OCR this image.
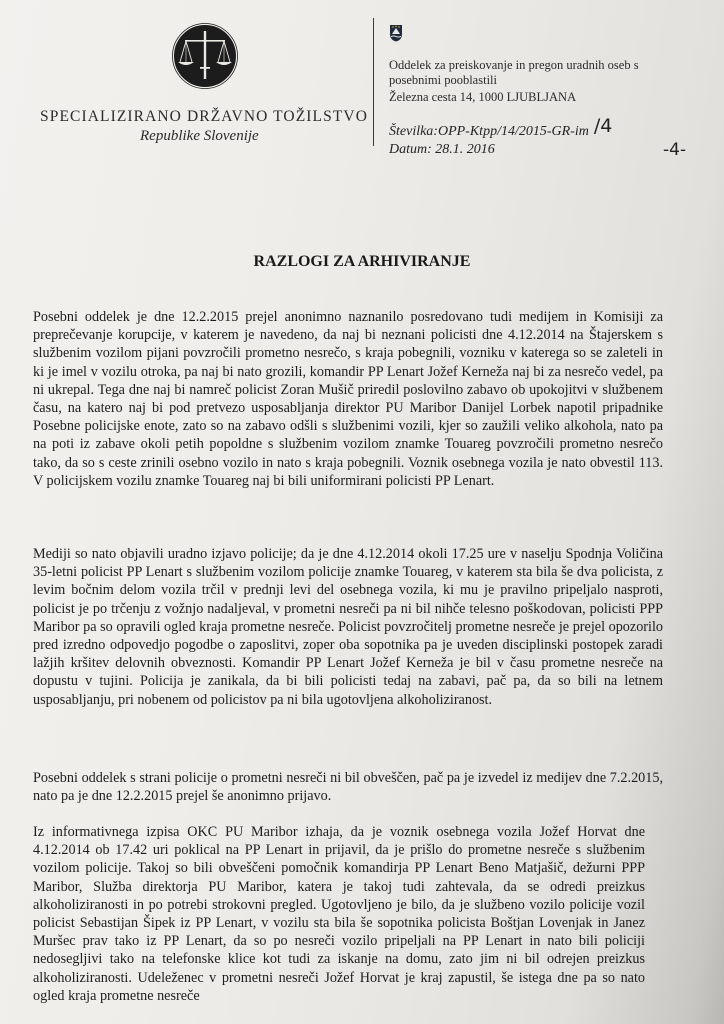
SPECIALIZIRANO DRŽAVNO TOŽILSTVO
Republike Slovenije
Oddelek za preiskovanje in pregon uradnih oseb s posebnimi pooblastili
Železna cesta 14, 1000 LJUBLJANA
Številka:OPP-Ktpp/14/2015-GR-im /4
Datum: 28.1. 2016	-4-
RAZLOGI ZA ARHIVIRANJE

Posebni oddelek je dne 12.2.2015 prejel anonimno naznanilo posredovano tudi medijem in Komisiji za preprečevanje korupcije, v katerem je navedeno, da naj bi neznani policisti dne 4.12.2014 na Štajerskem s službenim vozilom pijani povzročili prometno nesrečo, s kraja pobegnili, vozniku v katerega so se zaleteli in ki je imel v vozilu otroka, pa naj bi nato grozili, komandir PP Lenart Jožef Kerneža naj bi za nesrečo vedel, pa ni ukrepal. Tega dne naj bi namreč policist Zoran Mušič priredil poslovilno zabavo ob upokojitvi v službenem času, na katero naj bi pod pretvezo usposabljanja direktor PU Maribor Danijel Lorbek napotil pripadnike Posebne policijske enote, zato so na zabavo odšli s službenimi vozili, kjer so zaužili veliko alkohola, nato pa na poti iz zabave okoli petih popoldne s službenim vozilom znamke Touareg povzročili prometno nesrečo tako, da so s ceste zrinili osebno vozilo in nato s kraja pobegnili. Voznik osebnega vozila je nato obvestil 113. V policijskem vozilu znamke Touareg naj bi bili uniformirani policisti PP Lenart.

Mediji so nato objavili uradno izjavo policije; da je dne 4.12.2014 okoli 17.25 ure v naselju Spodnja Voličina 35-letni policist PP Lenart s službenim vozilom policije znamke Touareg, v katerem sta bila še dva policista, z levim bočnim delom vozila trčil v prednji levi del osebnega vozila, ki mu je pravilno pripeljalo nasproti, policist je po trčenju z vožnjo nadaljeval, v prometni nesreči pa ni bil nihče telesno poškodovan, policisti PPP Maribor pa so opravili ogled kraja prometne nesreče. Policist povzročitelj prometne nesreče je prejel opozorilo pred izredno odpovedjo pogodbe o zaposlitvi, zoper oba sopotnika pa je uveden disciplinski postopek zaradi lažjih kršitev delovnih obveznosti. Komandir PP Lenart Jožef Kerneža je bil v času prometne nesreče na dopustu v tujini. Policija je zanikala, da bi bili policisti tedaj na zabavi, pač pa, da so bili na letnem usposabljanju, pri nobenem od policistov pa ni bila ugotovljena alkoholiziranost.

Posebni oddelek s strani policije o prometni nesreči ni bil obveščen, pač pa je izvedel iz medijev dne 7.2.2015, nato pa je dne 12.2.2015 prejel še anonimno prijavo.

Iz informativnega izpisa OKC PU Maribor izhaja, da je voznik osebnega vozila Jožef Horvat dne 4.12.2014 ob 17.42 uri poklical na PP Lenart in prijavil, da je prišlo do prometne nesreče s službenim vozilom policije. Takoj so bili obveščeni pomočnik komandirja PP Lenart Beno Matjašič, dežurni PPP Maribor, Služba direktorja PU Maribor, katera je takoj tudi zahtevala, da se odredi preizkus alkoholiziranosti in po potrebi strokovni pregled. Ugotovljeno je bilo, da je službeno vozilo policije vozil policist Sebastijan Šipek iz PP Lenart, v vozilu sta bila še sopotnika policista Boštjan Lovenjak in Janez Muršec prav tako iz PP Lenart, da so po nesreči vozilo pripeljali na PP Lenart in nato bili policiji nedosegljivi tako na telefonske klice kot tudi za iskanje na domu, zato jim ni bil odrejen preizkus alkoholiziranosti. Udeleženec v prometni nesreči Jožef Horvat je kraj zapustil, še istega dne pa so nato ogled kraja prometne nesreče
